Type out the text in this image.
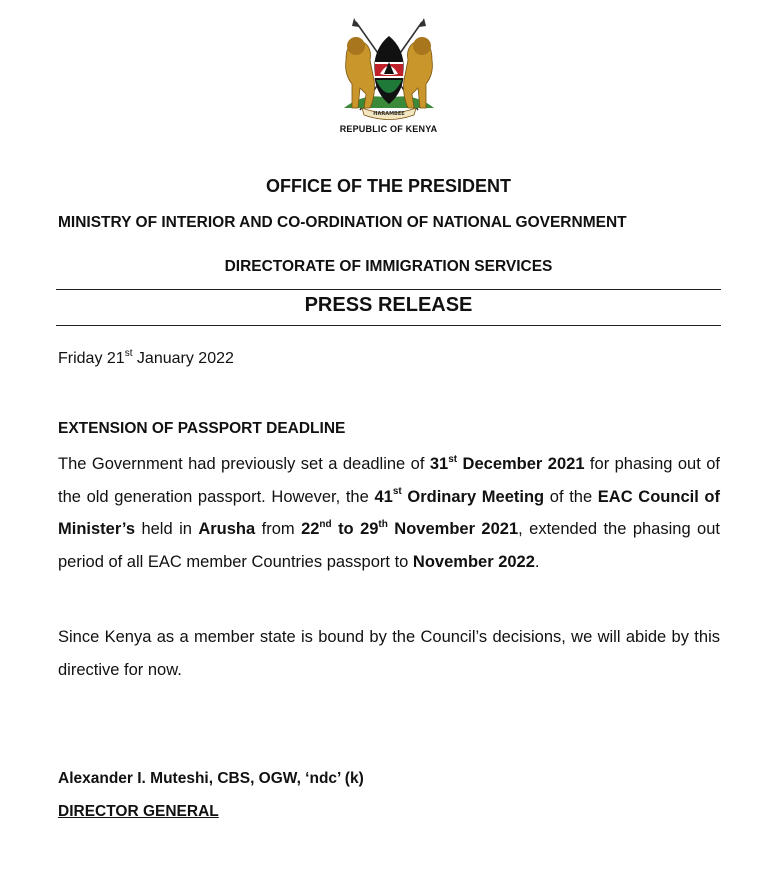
HARAMBEE
REPUBLIC OF KENYA
OFFICE OF THE PRESIDENT
MINISTRY OF INTERIOR AND CO-ORDINATION OF NATIONAL GOVERNMENT
DIRECTORATE OF IMMIGRATION SERVICES
PRESS RELEASE
Friday 21st January 2022
EXTENSION OF PASSPORT DEADLINE
The Government had previously set a deadline of 31st December 2021 for phasing out of the old generation passport. However, the 41st Ordinary Meeting of the EAC Council of Minister’s held in Arusha from 22nd to 29th November 2021, extended the phasing out period of all EAC member Countries passport to November 2022.
Since Kenya as a member state is bound by the Council’s decisions, we will abide by this directive for now.
Alexander I. Muteshi, CBS, OGW, ‘ndc’ (k)
DIRECTOR GENERAL
